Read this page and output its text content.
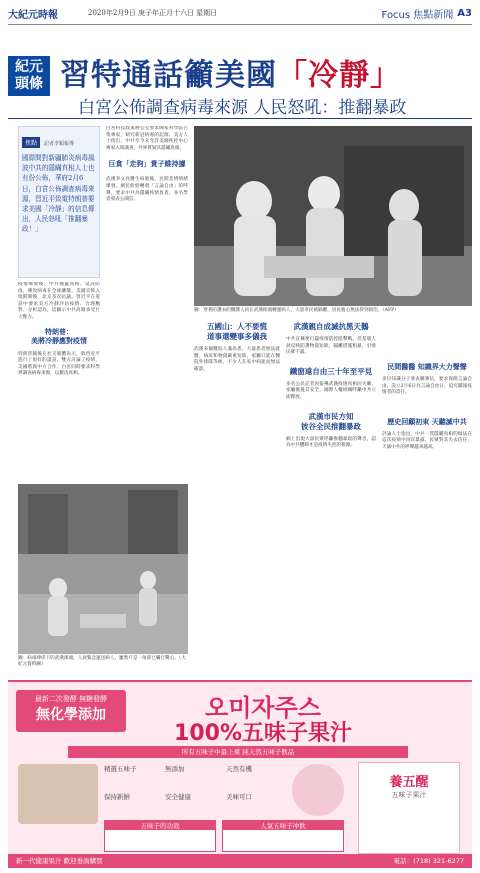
大紀元時報	2020年2月9日 庚子年正月十六日 星期日	Focus 焦點新聞 A3
紀元
頭條 習特通話籲美國「冷靜」
白宮公佈調查病毒來源 人民怒吼：推翻暴政
焦點 記者李穎報導
國際間對新疆肺炎病毒風波中共的隱瞞真相人士也有份公佈，華府2月6日，白宮公佈調查病毒來源，習近平致電特朗普要求美國「冷靜」的信息傳出，人民怒吼「推翻暴政！」
疫情爆發後，中共掩蓋真相、延誤防疫，導致病毒在全球擴散。美國宣佈入境限制後，北京多次抗議。習近平在電話中要求美方冷靜評估疫情、合理應對。分析認為，這顯示中共高層承受巨大壓力。
特朗普：
美將冷靜應對疫情
特朗普隨後在社交媒體表示，與習近平進行了很好的談話，雙方討論了疫情，美國將與中方合作。白宮同時要求科學界調查病毒來源，以釐清真相。
白宮科技政策辦公室要求國家科學院召集專家，研究新冠病毒的起源。美方人士指出，中共至今未允許美國疾控中心專家入境調查，外界質疑其隱瞞真相。
巨貪「走狗」貴子維持據
武漢李文亮醫生病逝後，民間悲憤情緒爆發。網民紛紛轉發「言論自由」的呼聲，要求中共為隱瞞疫情負責，多名學者發表公開信。
圖：穿著防護衣的醫護人員在武漢街頭轉運病人，大量市民被隔離，居民擔心無法得到救治。（AFP）
五國山：人不要慌
道事還變事多儀我
武漢多個醫院人滿為患，大量患者無法就醫，病床和物資嚴重短缺。家屬只能在醫院外排隊等候，不少人在家中病逝而無法確診。
武漢親自成滅抗黑天鵝
中共宣稱要打贏疫情防控阻擊戰，但基層人員反映防護物資短缺，隔離措施粗暴，引發民眾不滿。
鐵窗遠自由三十年至平見
多名公民記者因報導武漢疫情真相而失聯，家屬擔憂其安全。國際人權組織呼籲中共立即釋放。
武漢市民方知
彼谷全民推翻暴政
網上出現大量民眾呼籲推翻暴政的聲音，認為中共體制才是疫情失控的根源。
民間醫醫 知識界大力聲聲
多位知識分子發表聯署信，要求保障言論自由，設立2月6日為言論自由日，追究瞞報疫情者的責任。
歷史回顧初束 天聽滅中共
評論人士指出，中共一貫隱瞞真相的做法在這次疫情中再次暴露，民眾對其失去信任，天滅中共的呼聲越來越高。
圖：病毒肆虐下的武漢街頭，人員緊急運送病人，雖然只是一角卻已觸目驚心。（大紀元資料圖）
最新二次發酵 無糖發酵
無化學添加	오미자주스
100%五味子果汁
所有五味子中最上乘 純天然五味子飲品
精選五味子	無添加	天然有機
保持新鮮	安全健康	美味可口
養五醒
五味子果汁
五味子的功效	人氣五味子冲飲
新一代健康果汁 歡迎垂詢購買	電話：(718) 321-6277
